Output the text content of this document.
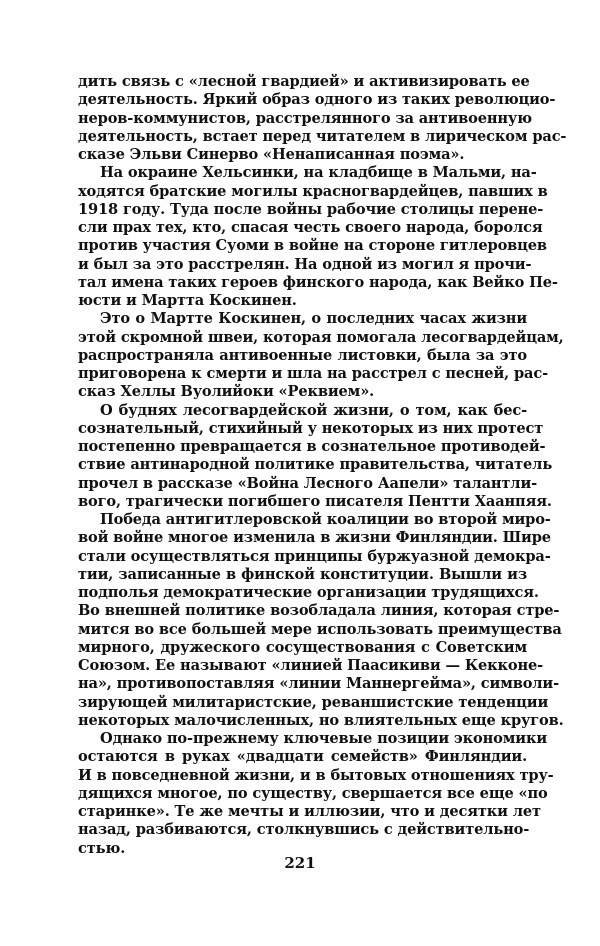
дить связь с «лесной гвардией» и активизировать ее
деятельность. Яркий образ одного из таких революцио-
неров-коммунистов, расстрелянного за антивоенную
деятельность, встает перед читателем в лирическом рас-
сказе Эльви Синерво «Ненаписанная поэма».
На окраине Хельсинки, на кладбище в Мальми, на-
ходятся братские могилы красногвардейцев, павших в
1918 году. Туда после войны рабочие столицы перене-
сли прах тех, кто, спасая честь своего народа, боролся
против участия Суоми в войне на стороне гитлеровцев
и был за это расстрелян. На одной из могил я прочи-
тал имена таких героев финского народа, как Вейко Пе-
юсти и Мартта Коскинен.
Это о Мартте Коскинен, о последних часах жизни
этой скромной швеи, которая помогала лесогвардейцам,
распространяла антивоенные листовки, была за это
приговорена к смерти и шла на расстрел с песней, рас-
сказ Хеллы Вуолийоки «Реквием».
О буднях лесогвардейской жизни, о том, как бес-
сознательный, стихийный у некоторых из них протест
постепенно превращается в сознательное противодей-
ствие антинародной политике правительства, читатель
прочел в рассказе «Война Лесного Аапели» талантли-
вого, трагически погибшего писателя Пентти Хаанпяя.
Победа антигитлеровской коалиции во второй миро-
вой войне многое изменила в жизни Финляндии. Шире
стали осуществляться принципы буржуазной демокра-
тии, записанные в финской конституции. Вышли из
подполья демократические организации трудящихся.
Во внешней политике возобладала линия, которая стре-
мится во все большей мере использовать преимущества
мирного, дружеского сосуществования с Советским
Союзом. Ее называют «линией Паасикиви — Кекконе-
на», противопоставляя «линии Маннергейма», символи-
зирующей милитаристские, реваншистские тенденции
некоторых малочисленных, но влиятельных еще кругов.
Однако по-прежнему ключевые позиции экономики
остаются в руках «двадцати семейств» Финляндии.
И в повседневной жизни, и в бытовых отношениях тру-
дящихся многое, по существу, свершается все еще «по
старинке». Те же мечты и иллюзии, что и десятки лет
назад, разбиваются, столкнувшись с действительно-
стью.
221
